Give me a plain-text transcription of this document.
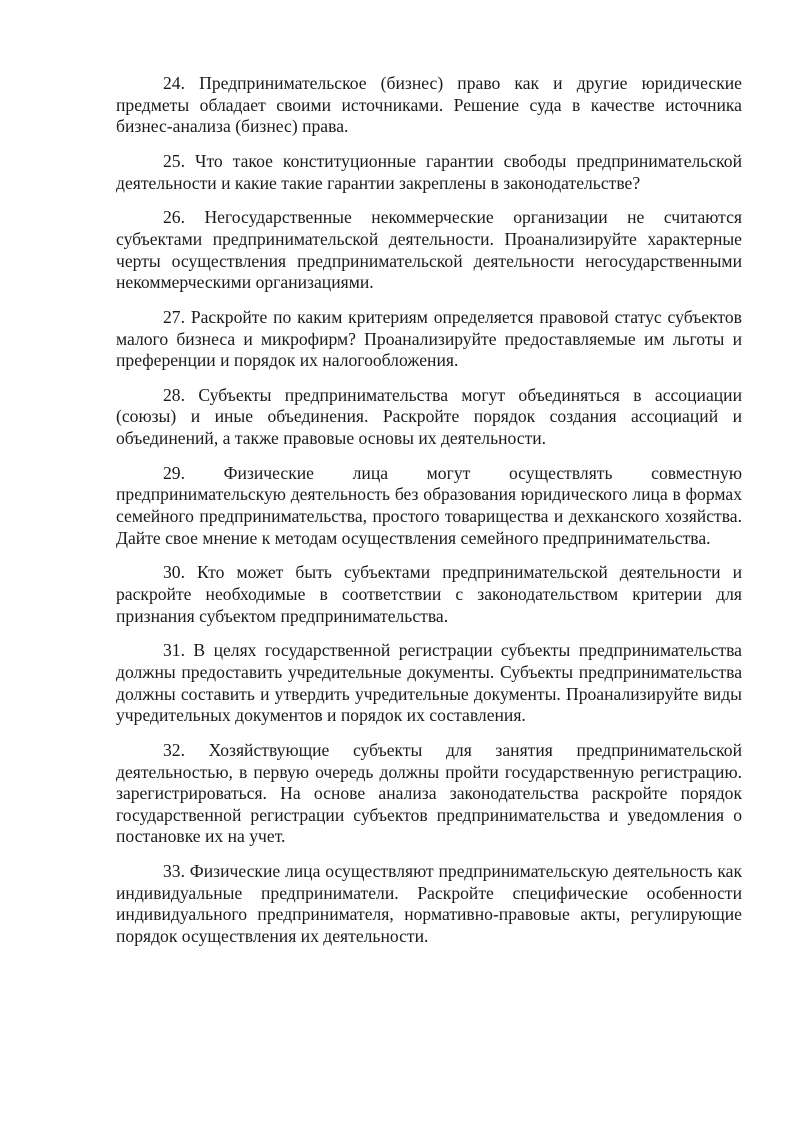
24. Предпринимательское (бизнес) право как и другие юридические предметы обладает своими источниками. Решение суда в качестве источника бизнес-анализа (бизнес) права.

25. Что такое конституционные гарантии свободы предпринимательской деятельности и какие такие гарантии закреплены в законодательстве?

26. Негосударственные некоммерческие организации не считаются субъектами предпринимательской деятельности. Проанализируйте характерные черты осуществления предпринимательской деятельности негосударственными некоммерческими организациями.

27. Раскройте по каким критериям определяется правовой статус субъектов малого бизнеса и микрофирм? Проанализируйте предоставляемые им льготы и преференции и порядок их налогообложения.

28. Субъекты предпринимательства могут объединяться в ассоциации (союзы) и иные объединения. Раскройте порядок создания ассоциаций и объединений, а также правовые основы их деятельности.

29. Физические лица могут осуществлять совместную предпринимательскую деятельность без образования юридического лица в формах семейного предпринимательства, простого товарищества и дехканского хозяйства. Дайте свое мнение к методам осуществления семейного предпринимательства.

30. Кто может быть субъектами предпринимательской деятельности и раскройте необходимые в соответствии с законодательством критерии для признания субъектом предпринимательства.

31. В целях государственной регистрации субъекты предпринимательства должны предоставить учредительные документы. Субъекты предпринимательства должны составить и утвердить учредительные документы. Проанализируйте виды учредительных документов и порядок их составления.

32. Хозяйствующие субъекты для занятия предпринимательской деятельностью, в первую очередь должны пройти государственную регистрацию. зарегистрироваться. На основе анализа законодательства раскройте порядок государственной регистрации субъектов предпринимательства и уведомления о постановке их на учет.

33. Физические лица осуществляют предпринимательскую деятельность как индивидуальные предприниматели. Раскройте специфические особенности индивидуального предпринимателя, нормативно-правовые акты, регулирующие порядок осуществления их деятельности.
